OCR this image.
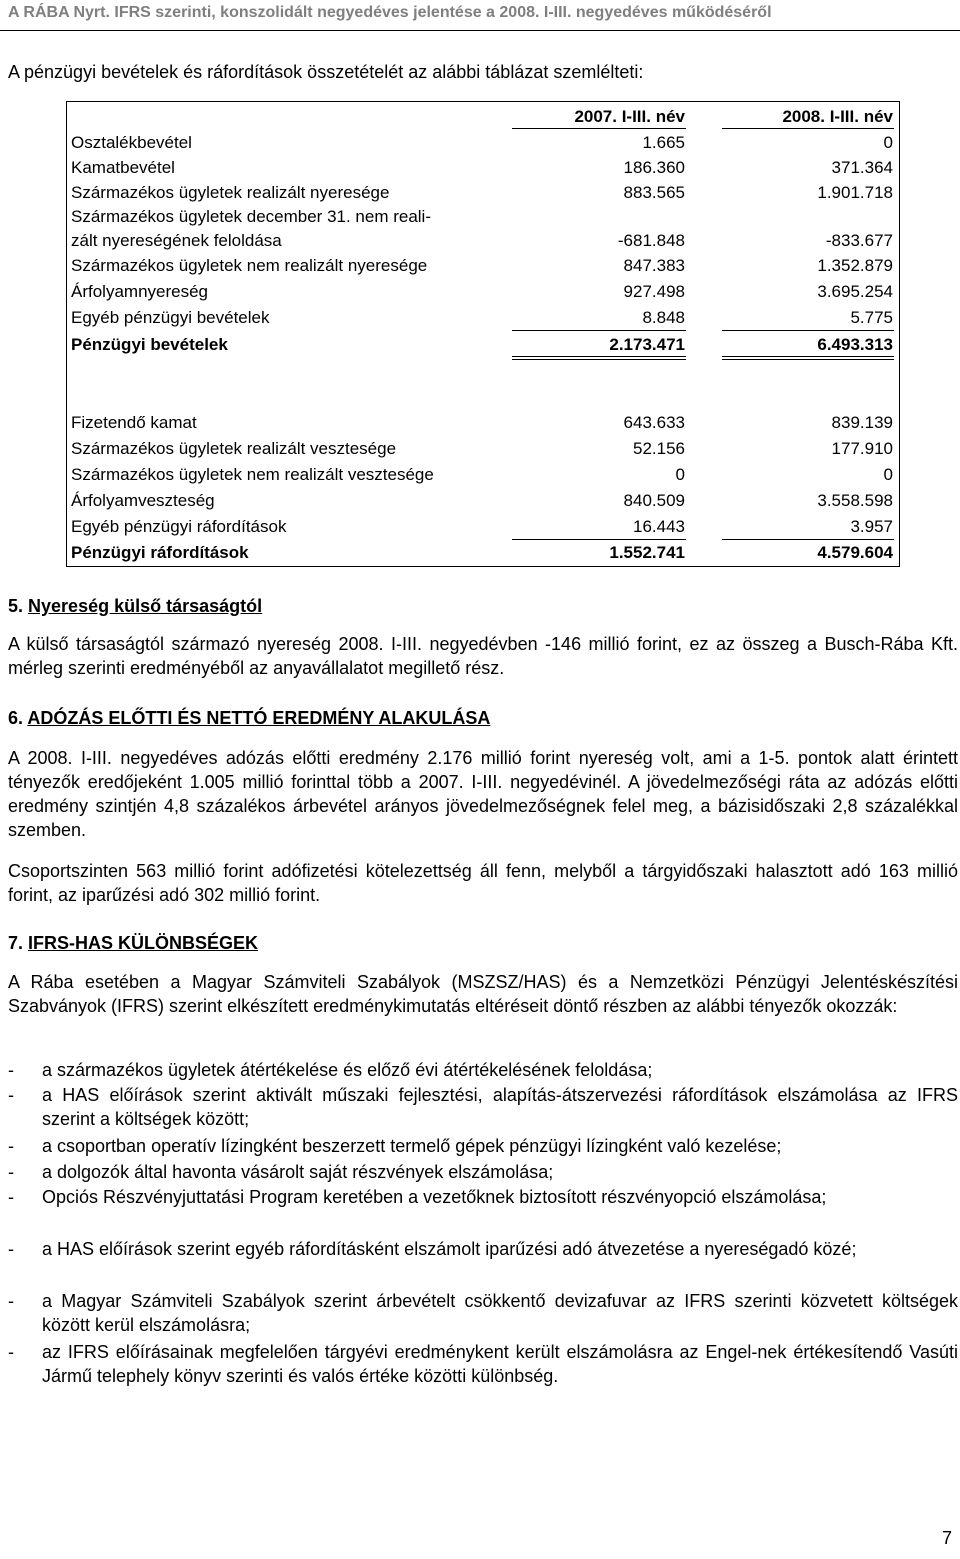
A RÁBA Nyrt. IFRS szerinti, konszolidált negyedéves jelentése a 2008. I-III. negyedéves működéséről
A pénzügyi bevételek és ráfordítások összetételét az alábbi táblázat szemlélteti:
2007. I-III. név	2008. I-III. név
Osztalékbevétel	1.665	0
Kamatbevétel	186.360	371.364
Származékos ügyletek realizált nyeresége	883.565	1.901.718
Származékos ügyletek december 31. nem reali-
zált nyereségének feloldása	-681.848	-833.677
Származékos ügyletek nem realizált nyeresége	847.383	1.352.879
Árfolyamnyereség	927.498	3.695.254
Egyéb pénzügyi bevételek	8.848	5.775
Pénzügyi bevételek	2.173.471	6.493.313
Fizetendő kamat	643.633	839.139
Származékos ügyletek realizált vesztesége	52.156	177.910
Származékos ügyletek nem realizált vesztesége	0	0
Árfolyamveszteség	840.509	3.558.598
Egyéb pénzügyi ráfordítások	16.443	3.957
Pénzügyi ráfordítások	1.552.741	4.579.604
5. Nyereség külső társaságtól
A külső társaságtól származó nyereség 2008. I-III. negyedévben -146 millió forint, ez az összeg a Busch-Rába Kft. mérleg szerinti eredményéből az anyavállalatot megillető rész.
6. ADÓZÁS ELŐTTI ÉS NETTÓ EREDMÉNY ALAKULÁSA
A 2008. I-III. negyedéves adózás előtti eredmény 2.176 millió forint nyereség volt, ami a 1-5. pontok alatt érintett tényezők eredőjeként 1.005 millió forinttal több a 2007. I-III. negyedévinél. A jövedelmezőségi ráta az adózás előtti eredmény szintjén 4,8 százalékos árbevétel arányos jövedelmezőségnek felel meg, a bázisidőszaki 2,8 százalékkal szemben.
Csoportszinten 563 millió forint adófizetési kötelezettség áll fenn, melyből a tárgyidőszaki halasztott adó 163 millió forint, az iparűzési adó 302 millió forint.
7. IFRS-HAS KÜLÖNBSÉGEK
A Rába esetében a Magyar Számviteli Szabályok (MSZSZ/HAS) és a Nemzetközi Pénzügyi Jelentéskészítési Szabványok (IFRS) szerint elkészített eredménykimutatás eltéréseit döntő részben az alábbi tényezők okozzák:
- a származékos ügyletek átértékelése és előző évi átértékelésének feloldása;
- a HAS előírások szerint aktivált műszaki fejlesztési, alapítás-átszervezési ráfordítások elszámolása az IFRS szerint a költségek között;
- a csoportban operatív lízingként beszerzett termelő gépek pénzügyi lízingként való kezelése;
- a dolgozók által havonta vásárolt saját részvények elszámolása;
- Opciós Részvényjuttatási Program keretében a vezetőknek biztosított részvényopció elszámolása;
- a HAS előírások szerint egyéb ráfordításként elszámolt iparűzési adó átvezetése a nyereségadó közé;
- a Magyar Számviteli Szabályok szerint árbevételt csökkentő devizafuvar az IFRS szerinti közvetett költségek között kerül elszámolásra;
- az IFRS előírásainak megfelelően tárgyévi eredménykent került elszámolásra az Engel-nek értékesítendő Vasúti Jármű telephely könyv szerinti és valós értéke közötti különbség.
7
